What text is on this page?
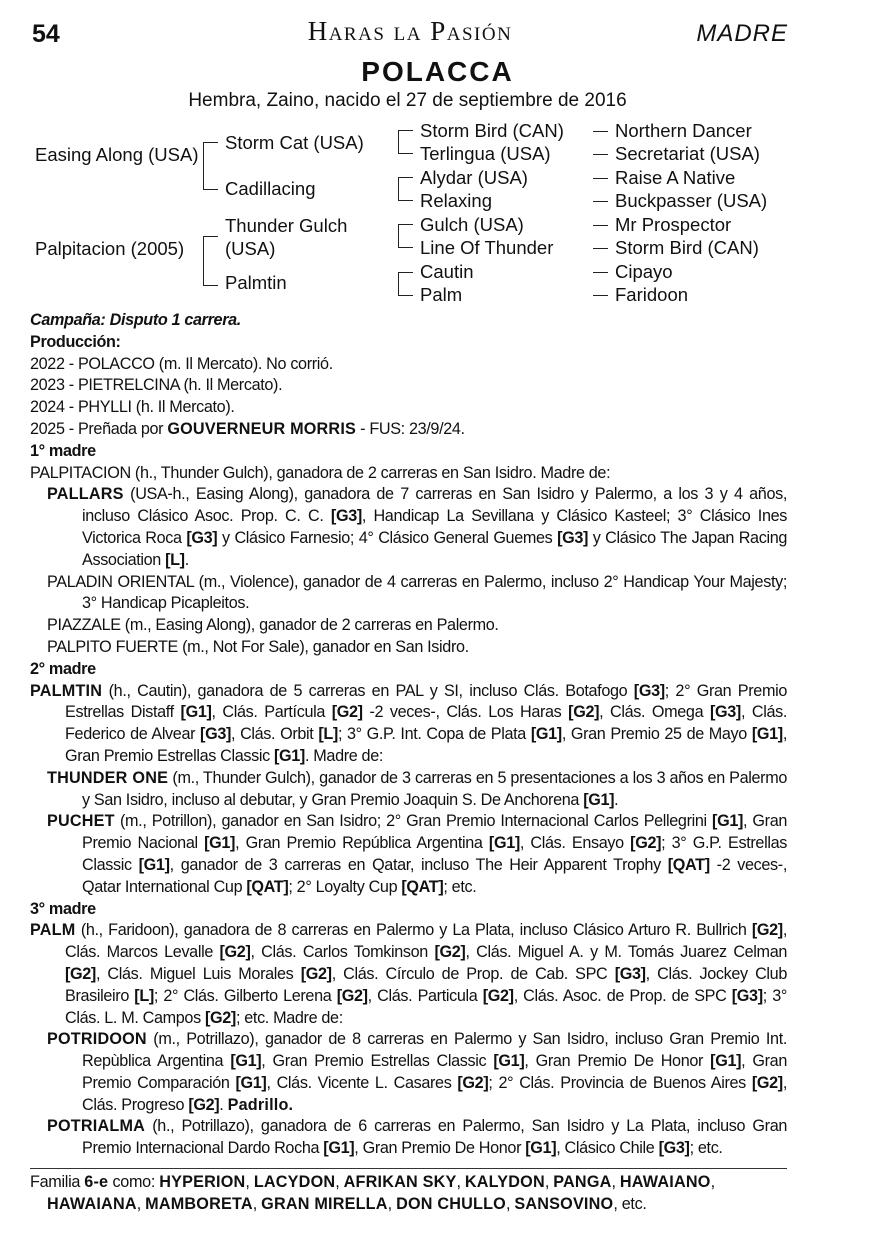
54	Haras la Pasión	MADRE
POLACCA
Hembra, Zaino, nacido el 27 de septiembre de 2016
Easing Along (USA)
Palpitacion (2005)
Storm Cat (USA)
Cadillacing
Thunder Gulch (USA)
Palmtin
Storm Bird (CAN)
Terlingua (USA)
Alydar (USA)
Relaxing
Gulch (USA)
Line Of Thunder
Cautin
Palm
Northern Dancer
Secretariat (USA)
Raise A Native
Buckpasser (USA)
Mr Prospector
Storm Bird (CAN)
Cipayo
Faridoon

Campaña: Disputo 1 carrera.

Producción:

2022 - POLACCO (m. Il Mercato). No corrió.

2023 - PIETRELCINA (h. Il Mercato).

2024 - PHYLLI (h. Il Mercato).

2025 - Preñada por GOUVERNEUR MORRIS - FUS: 23/9/24.

1° madre

PALPITACION (h., Thunder Gulch), ganadora de 2 carreras en San Isidro. Madre de:

PALLARS (USA-h., Easing Along), ganadora de 7 carreras en San Isidro y Palermo, a los 3 y 4 años, incluso Clásico Asoc. Prop. C. C. [G3], Handicap La Sevillana y Clásico Kasteel; 3° Clásico Ines Victorica Roca [G3] y Clásico Farnesio; 4° Clásico General Guemes [G3] y Clásico The Japan Racing Association [L].

PALADIN ORIENTAL (m., Violence), ganador de 4 carreras en Palermo, incluso 2° Handicap Your Majesty; 3° Handicap Picapleitos.

PIAZZALE (m., Easing Along), ganador de 2 carreras en Palermo.

PALPITO FUERTE (m., Not For Sale), ganador en San Isidro.

2° madre

PALMTIN (h., Cautin), ganadora de 5 carreras en PAL y SI, incluso Clás. Botafogo [G3]; 2° Gran Premio Estrellas Distaff [G1], Clás. Partícula [G2] -2 veces-, Clás. Los Haras [G2], Clás. Omega [G3], Clás. Federico de Alvear [G3], Clás. Orbit [L]; 3° G.P. Int. Copa de Plata [G1], Gran Premio 25 de Mayo [G1], Gran Premio Estrellas Classic [G1]. Madre de:

THUNDER ONE (m., Thunder Gulch), ganador de 3 carreras en 5 presentaciones a los 3 años en Palermo y San Isidro, incluso al debutar, y Gran Premio Joaquin S. De Anchorena [G1].

PUCHET (m., Potrillon), ganador en San Isidro; 2° Gran Premio Internacional Carlos Pellegrini [G1], Gran Premio Nacional [G1], Gran Premio República Argentina [G1], Clás. Ensayo [G2]; 3° G.P. Estrellas Classic [G1], ganador de 3 carreras en Qatar, incluso The Heir Apparent Trophy [QAT] -2 veces-, Qatar International Cup [QAT]; 2° Loyalty Cup [QAT]; etc.

3° madre

PALM (h., Faridoon), ganadora de 8 carreras en Palermo y La Plata, incluso Clásico Arturo R. Bullrich [G2], Clás. Marcos Levalle [G2], Clás. Carlos Tomkinson [G2], Clás. Miguel A. y M. Tomás Juarez Celman [G2], Clás. Miguel Luis Morales [G2], Clás. Círculo de Prop. de Cab. SPC [G3], Clás. Jockey Club Brasileiro [L]; 2° Clás. Gilberto Lerena [G2], Clás. Particula [G2], Clás. Asoc. de Prop. de SPC [G3]; 3° Clás. L. M. Campos [G2]; etc. Madre de:

POTRIDOON (m., Potrillazo), ganador de 8 carreras en Palermo y San Isidro, incluso Gran Premio Int. Repùblica Argentina [G1], Gran Premio Estrellas Classic [G1], Gran Premio De Honor [G1], Gran Premio Comparación [G1], Clás. Vicente L. Casares [G2]; 2° Clás. Provincia de Buenos Aires [G2], Clás. Progreso [G2]. Padrillo.

POTRIALMA (h., Potrillazo), ganadora de 6 carreras en Palermo, San Isidro y La Plata, incluso Gran Premio Internacional Dardo Rocha [G1], Gran Premio De Honor [G1], Clásico Chile [G3]; etc.

Familia 6-e como: HYPERION, LACYDON, AFRIKAN SKY, KALYDON, PANGA, HAWAIANO,
HAWAIANA, MAMBORETA, GRAN MIRELLA, DON CHULLO, SANSOVINO, etc.
